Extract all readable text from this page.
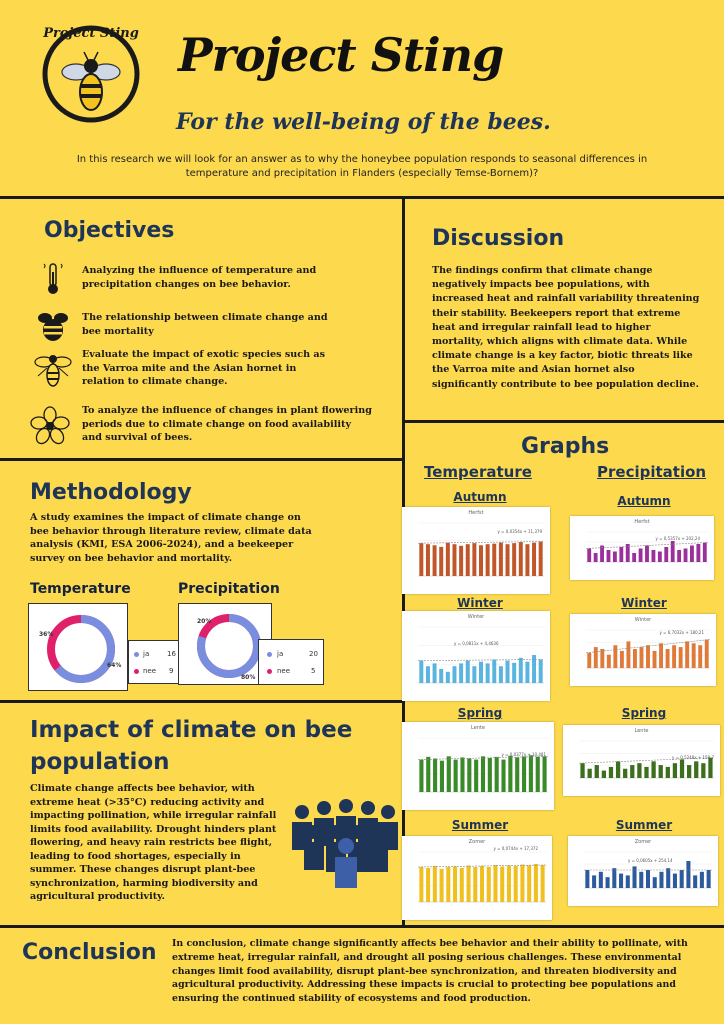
Project Sting Project Sting
For the well-being of the bees.
In this research we will look for an answer as to why the honeybee population responds to seasonal differences in temperature and precipitation in Flanders (especially Temse-Bornem)?
Objectives
Analyzing the influence of temperature and precipitation changes on bee behavior.
The relationship between climate change and bee mortality
Evaluate the impact of exotic species such as the Varroa mite and the Asian hornet in relation to climate change.
To analyze the influence of changes in plant flowering periods due to climate change on food availability and survival of bees.
Discussion
The findings confirm that climate change negatively impacts bee populations, with increased heat and rainfall variability threatening their stability. Beekeepers report that extreme heat and irregular rainfall lead to higher mortality, which aligns with climate data. While climate change is a key factor, biotic threats like the Varroa mite and Asian hornet also significantly contribute to bee population decline.
Methodology
A study examines the impact of climate change on bee behavior through literature review, climate data analysis (KMI, ESA 2006-2024), and a beekeeper survey on bee behavior and mortality.
Temperature	Precipitation
36%
64%
ja	16
nee 9
20%
80%
ja	20
nee	5
Impact of climate on bee population
Climate change affects bee behavior, with extreme heat (>35°C) reducing activity and impacting pollination, while irregular rainfall limits food availability. Drought hinders plant flowering, and heavy rain restricts bee flight, leading to food shortages, especially in summer. These changes disrupt plant-bee synchronization, harming biodiversity and agricultural productivity.
Graphs
Temperature	Precipitation
Autumn	Autumn
Winter	Winter
Spring	Spring
Summer	Summer
Herfst
y = 0,0354x + 11,379
Herfst
y = 0,5357x + 202,24
Winter
y = 0,0811x + 4,4636
Winter
y = 6,7032x + 180,21
Lente
y = 0,0377x + 10,481
Lente
y = 0,5248x + 159,7
Zomer
y = 0,0744x + 17,372
Zomer
y = 0,0605x + 254,14
Conclusion In conclusion, climate change significantly affects bee behavior and their ability to pollinate, with extreme heat, irregular rainfall, and drought all posing serious challenges. These environmental changes limit food availability, disrupt plant-bee synchronization, and threaten biodiversity and agricultural productivity. Addressing these impacts is crucial to protecting bee populations and ensuring the continued stability of ecosystems and food production.
